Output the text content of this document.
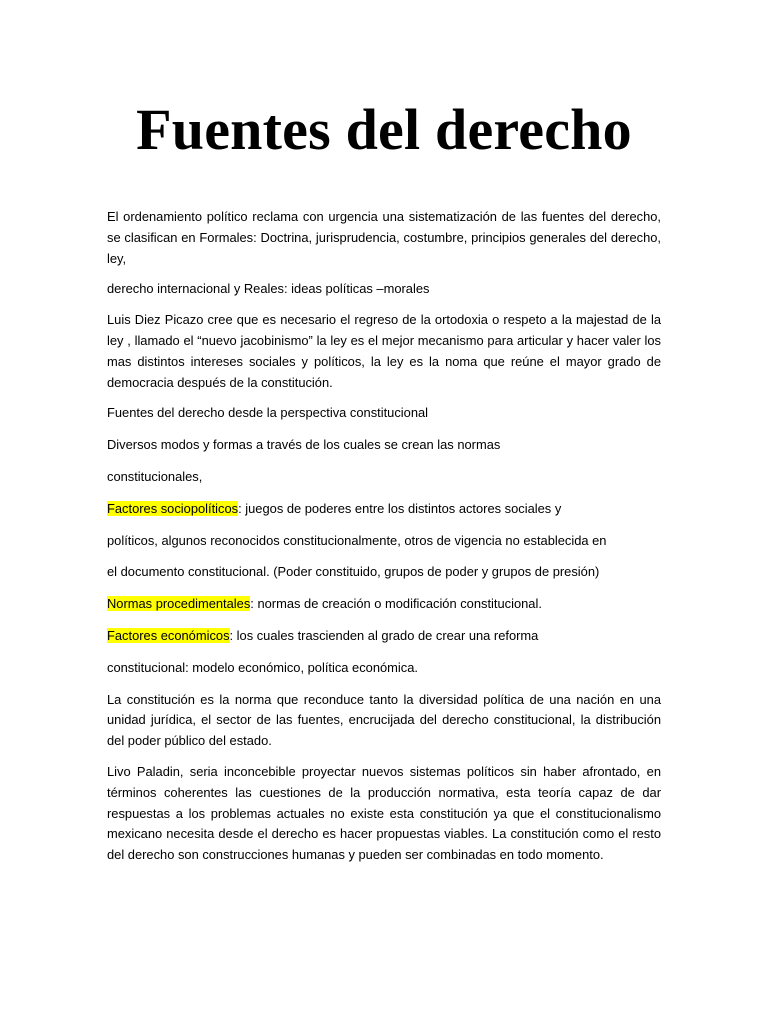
Fuentes del derecho

El ordenamiento político reclama con urgencia una sistematización de las fuentes del derecho, se clasifican en Formales: Doctrina, jurisprudencia, costumbre, principios generales del derecho, ley,

derecho internacional y Reales: ideas políticas –morales

Luis Diez Picazo cree que es necesario el regreso de la ortodoxia o respeto a la majestad de la ley , llamado el “nuevo jacobinismo” la ley es el mejor mecanismo para articular y hacer valer los mas distintos intereses sociales y políticos, la ley es la noma que reúne el mayor grado de democracia después de la constitución.

Fuentes del derecho desde la perspectiva constitucional

Diversos modos y formas a través de los cuales se crean las normas

constitucionales,

Factores sociopolíticos: juegos de poderes entre los distintos actores sociales y

políticos, algunos reconocidos constitucionalmente, otros de vigencia no establecida en

el documento constitucional. (Poder constituido, grupos de poder y grupos de presión)

Normas procedimentales: normas de creación o modificación constitucional.

Factores económicos: los cuales trascienden al grado de crear una reforma

constitucional: modelo económico, política económica.

La constitución es la norma que reconduce tanto la diversidad política de una nación en una unidad jurídica, el sector de las fuentes, encrucijada del derecho constitucional, la distribución del poder público del estado.

Livo Paladin, seria inconcebible proyectar nuevos sistemas políticos sin haber afrontado, en términos coherentes las cuestiones de la producción normativa, esta teoría capaz de dar respuestas a los problemas actuales no existe esta constitución ya que el constitucionalismo mexicano necesita desde el derecho es hacer propuestas viables. La constitución como el resto del derecho son construcciones humanas y pueden ser combinadas en todo momento.
